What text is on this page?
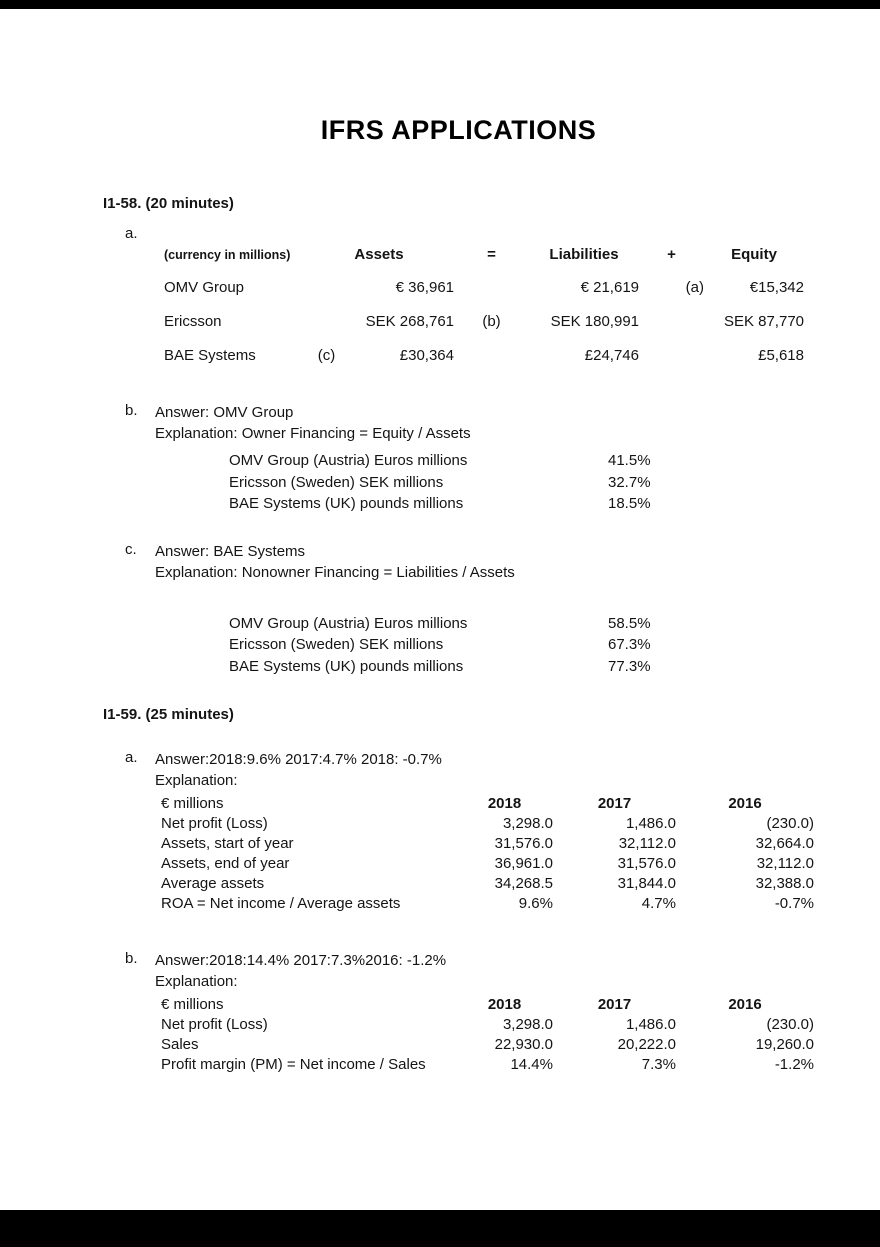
IFRS APPLICATIONS
I1-58. (20 minutes)
a.
(currency in millions)	Assets		=	Liabilities	+	Equity
OMV Group		€ 36,961		€ 21,619	(a)	€15,342
Ericsson		SEK 268,761	(b)	SEK 180,991		SEK 87,770
BAE Systems	(c)	£30,364		£24,746		£5,618
b.	Answer: OMV Group
Explanation: Owner Financing = Equity / Assets
OMV Group (Austria) Euros millions	41.5%
Ericsson (Sweden) SEK millions	32.7%
BAE Systems (UK) pounds millions	18.5%
c.	Answer: BAE Systems
Explanation: Nonowner Financing = Liabilities / Assets
OMV Group (Austria) Euros millions	58.5%
Ericsson (Sweden) SEK millions	67.3%
BAE Systems (UK) pounds millions	77.3%
I1-59. (25 minutes)
a.	Answer:2018:9.6% 2017:4.7% 2018: -0.7%
Explanation:
€ millions	2018	2017	2016
Net profit (Loss)	3,298.0	1,486.0	(230.0)
Assets, start of year	31,576.0	32,112.0	32,664.0
Assets, end of year	36,961.0	31,576.0	32,112.0
Average assets	34,268.5	31,844.0	32,388.0
ROA = Net income / Average assets	9.6%	4.7%	-0.7%
b.	Answer:2018:14.4% 2017:7.3%2016: -1.2%
Explanation:
€ millions	2018	2017	2016
Net profit (Loss)	3,298.0	1,486.0	(230.0)
Sales	22,930.0	20,222.0	19,260.0
Profit margin (PM) = Net income / Sales	14.4%	7.3%	-1.2%
